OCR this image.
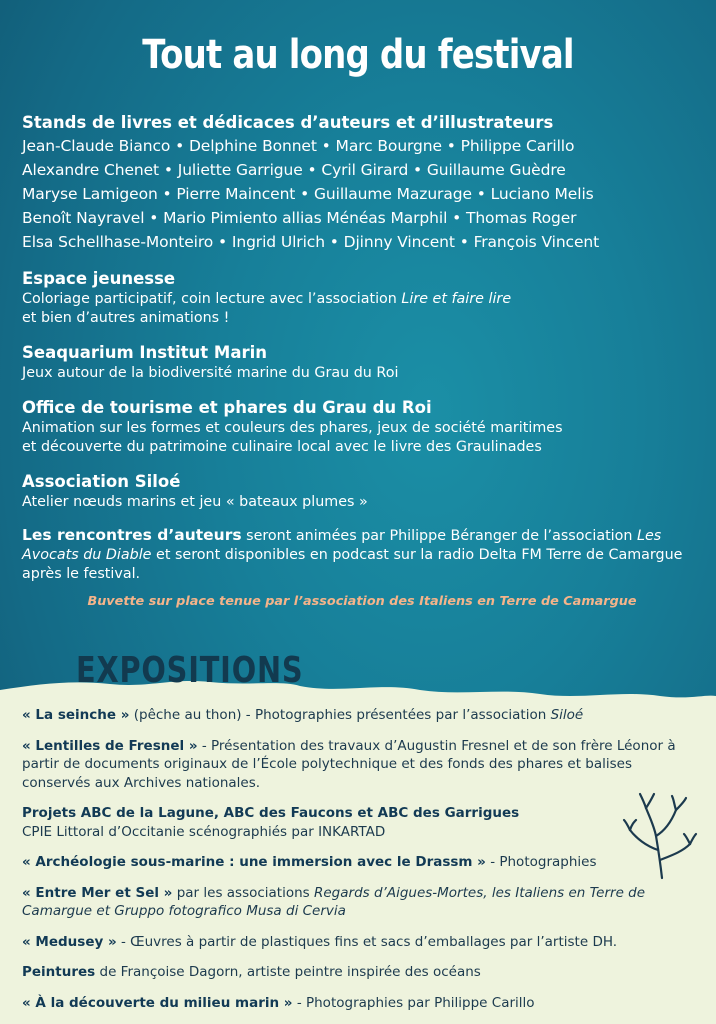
Tout au long du festival
Stands de livres et dédicaces d’auteurs et d’illustrateurs

Jean-Claude Bianco • Delphine Bonnet • Marc Bourgne • Philippe Carillo

Alexandre Chenet • Juliette Garrigue • Cyril Girard • Guillaume Guèdre

Maryse Lamigeon • Pierre Maincent • Guillaume Mazurage • Luciano Melis

Benoît Nayravel • Mario Pimiento allias Ménéas Marphil • Thomas Roger

Elsa Schellhase-Monteiro • Ingrid Ulrich • Djinny Vincent • François Vincent

Espace jeunesse

Coloriage participatif, coin lecture avec l’association Lire et faire lire

et bien d’autres animations !

Seaquarium Institut Marin

Jeux autour de la biodiversité marine du Grau du Roi

Office de tourisme et phares du Grau du Roi

Animation sur les formes et couleurs des phares, jeux de société maritimes

et découverte du patrimoine culinaire local avec le livre des Graulinades

Association Siloé

Atelier nœuds marins et jeu « bateaux plumes »

Les rencontres d’auteurs seront animées par Philippe Béranger de l’association Les Avocats du Diable et seront disponibles en podcast sur la radio Delta FM Terre de Camargue après le festival.
Buvette sur place tenue par l’association des Italiens en Terre de Camargue
EXPOSITIONS
« La seinche » (pêche au thon) - Photographies présentées par l’association Siloé
« Lentilles de Fresnel » - Présentation des travaux d’Augustin Fresnel et de son frère Léonor à partir de documents originaux de l’École polytechnique et des fonds des phares et balises conservés aux Archives nationales.
Projets ABC de la Lagune, ABC des Faucons et ABC des Garrigues
CPIE Littoral d’Occitanie scénographiés par INKARTAD
« Archéologie sous-marine : une immersion avec le Drassm » - Photographies
« Entre Mer et Sel » par les associations Regards d’Aigues-Mortes, les Italiens en Terre de Camargue et Gruppo fotografico Musa di Cervia
« Medusey » - Œuvres à partir de plastiques fins et sacs d’emballages par l’artiste DH.
Peintures de Françoise Dagorn, artiste peintre inspirée des océans
« À la découverte du milieu marin » - Photographies par Philippe Carillo
